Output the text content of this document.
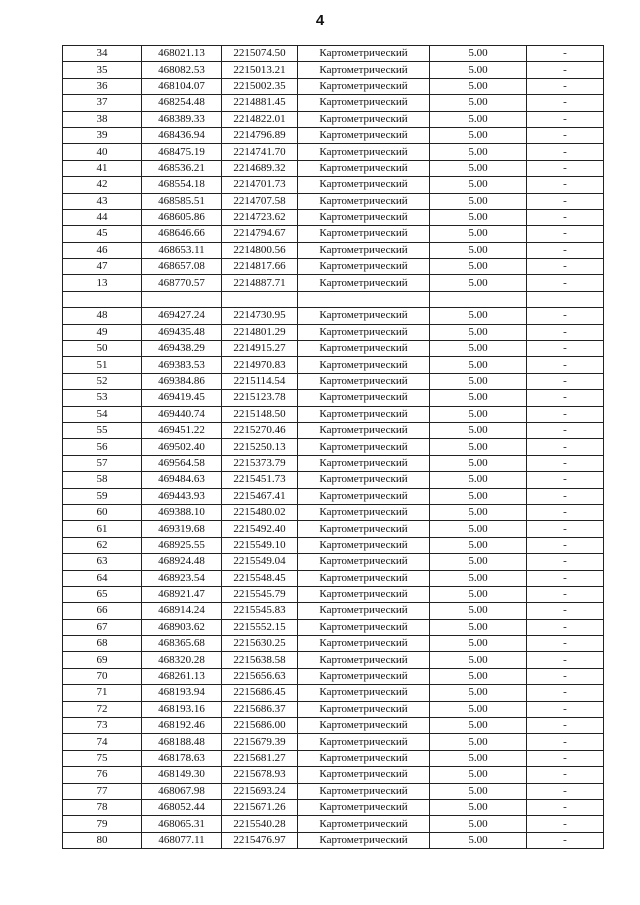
4
34	468021.13	2215074.50	Картометрический	5.00	-
35	468082.53	2215013.21	Картометрический	5.00	-
36	468104.07	2215002.35	Картометрический	5.00	-
37	468254.48	2214881.45	Картометрический	5.00	-
38	468389.33	2214822.01	Картометрический	5.00	-
39	468436.94	2214796.89	Картометрический	5.00	-
40	468475.19	2214741.70	Картометрический	5.00	-
41	468536.21	2214689.32	Картометрический	5.00	-
42	468554.18	2214701.73	Картометрический	5.00	-
43	468585.51	2214707.58	Картометрический	5.00	-
44	468605.86	2214723.62	Картометрический	5.00	-
45	468646.66	2214794.67	Картометрический	5.00	-
46	468653.11	2214800.56	Картометрический	5.00	-
47	468657.08	2214817.66	Картометрический	5.00	-
13	468770.57	2214887.71	Картометрический	5.00	-

48	469427.24	2214730.95	Картометрический	5.00	-
49	469435.48	2214801.29	Картометрический	5.00	-
50	469438.29	2214915.27	Картометрический	5.00	-
51	469383.53	2214970.83	Картометрический	5.00	-
52	469384.86	2215114.54	Картометрический	5.00	-
53	469419.45	2215123.78	Картометрический	5.00	-
54	469440.74	2215148.50	Картометрический	5.00	-
55	469451.22	2215270.46	Картометрический	5.00	-
56	469502.40	2215250.13	Картометрический	5.00	-
57	469564.58	2215373.79	Картометрический	5.00	-
58	469484.63	2215451.73	Картометрический	5.00	-
59	469443.93	2215467.41	Картометрический	5.00	-
60	469388.10	2215480.02	Картометрический	5.00	-
61	469319.68	2215492.40	Картометрический	5.00	-
62	468925.55	2215549.10	Картометрический	5.00	-
63	468924.48	2215549.04	Картометрический	5.00	-
64	468923.54	2215548.45	Картометрический	5.00	-
65	468921.47	2215545.79	Картометрический	5.00	-
66	468914.24	2215545.83	Картометрический	5.00	-
67	468903.62	2215552.15	Картометрический	5.00	-
68	468365.68	2215630.25	Картометрический	5.00	-
69	468320.28	2215638.58	Картометрический	5.00	-
70	468261.13	2215656.63	Картометрический	5.00	-
71	468193.94	2215686.45	Картометрический	5.00	-
72	468193.16	2215686.37	Картометрический	5.00	-
73	468192.46	2215686.00	Картометрический	5.00	-
74	468188.48	2215679.39	Картометрический	5.00	-
75	468178.63	2215681.27	Картометрический	5.00	-
76	468149.30	2215678.93	Картометрический	5.00	-
77	468067.98	2215693.24	Картометрический	5.00	-
78	468052.44	2215671.26	Картометрический	5.00	-
79	468065.31	2215540.28	Картометрический	5.00	-
80	468077.11	2215476.97	Картометрический	5.00	-
